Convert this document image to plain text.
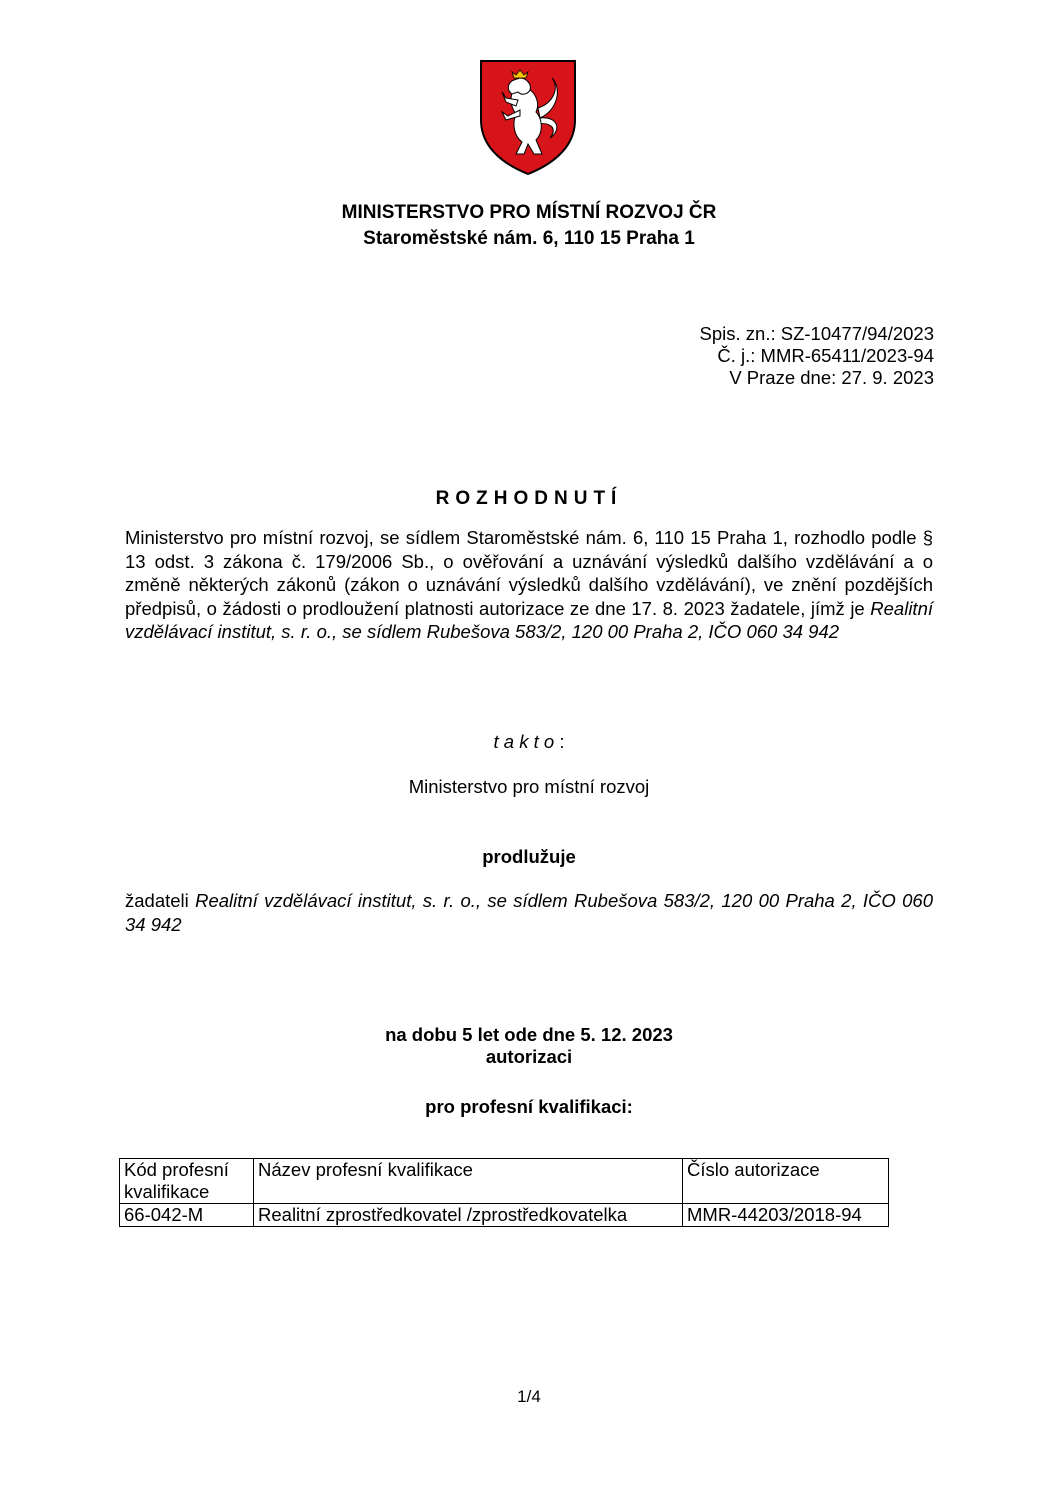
MINISTERSTVO PRO MÍSTNÍ ROZVOJ ČR
Staroměstské nám. 6, 110 15 Praha 1
Spis. zn.: SZ-10477/94/2023
Č. j.: MMR-65411/2023-94
V Praze dne: 27. 9. 2023
ROZHODNUTÍ
Ministerstvo pro místní rozvoj, se sídlem Staroměstské nám. 6, 110 15 Praha 1, rozhodlo podle § 13 odst. 3 zákona č. 179/2006 Sb., o ověřování a uznávání výsledků dalšího vzdělávání a o změně některých zákonů (zákon o uznávání výsledků dalšího vzdělávání), ve znění pozdějších předpisů, o žádosti o prodloužení platnosti autorizace ze dne 17. 8. 2023 žadatele, jímž je Realitní vzdělávací institut, s. r. o., se sídlem Rubešova 583/2, 120 00 Praha 2, IČO 060 34 942
t a k t o :
Ministerstvo pro místní rozvoj
prodlužuje
žadateli Realitní vzdělávací institut, s. r. o., se sídlem Rubešova 583/2, 120 00 Praha 2, IČO 060 34 942
na dobu 5 let ode dne 5. 12. 2023
autorizaci
pro profesní kvalifikaci:
Kód profesní kvalifikace	Název profesní kvalifikace	Číslo autorizace
66-042-M	Realitní zprostředkovatel /zprostředkovatelka	MMR-44203/2018-94
1/4
